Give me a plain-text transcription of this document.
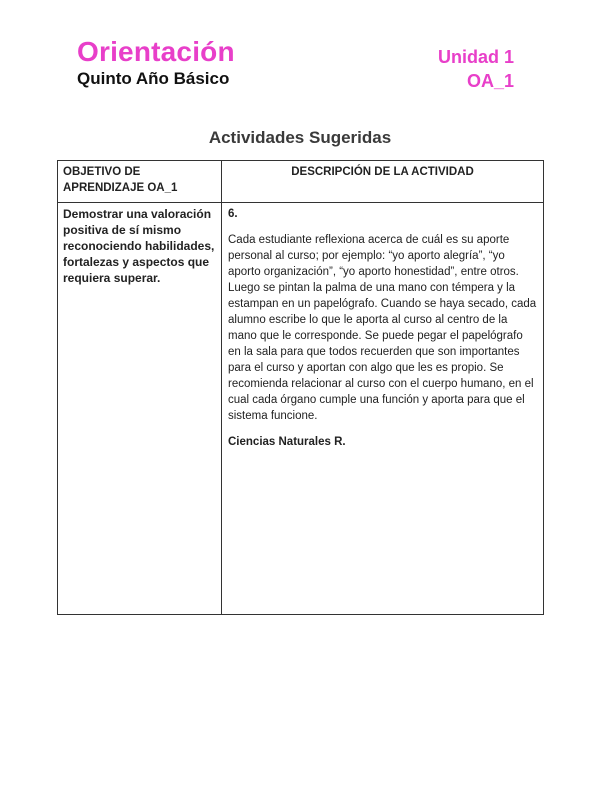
Orientación
Quinto Año Básico
Unidad 1
OA_1
Actividades Sugeridas
OBJETIVO DE APRENDIZAJE OA_1	DESCRIPCIÓN DE LA ACTIVIDAD
Demostrar una valoración positiva de sí mismo reconociendo habilidades, fortalezas y aspectos que requiera superar.	6.

Cada estudiante reflexiona acerca de cuál es su aporte personal al curso; por ejemplo: “yo aporto alegría”, “yo aporto organización”, “yo aporto honestidad”, entre otros. Luego se pintan la palma de una mano con témpera y la estampan en un papelógrafo. Cuando se haya secado, cada alumno escribe lo que le aporta al curso al centro de la mano que le corresponde. Se puede pegar el papelógrafo en la sala para que todos recuerden que son importantes para el curso y aportan con algo que les es propio. Se recomienda relacionar al curso con el cuerpo humano, en el cual cada órgano cumple una función y aporta para que el sistema funcione.

Ciencias Naturales R.
